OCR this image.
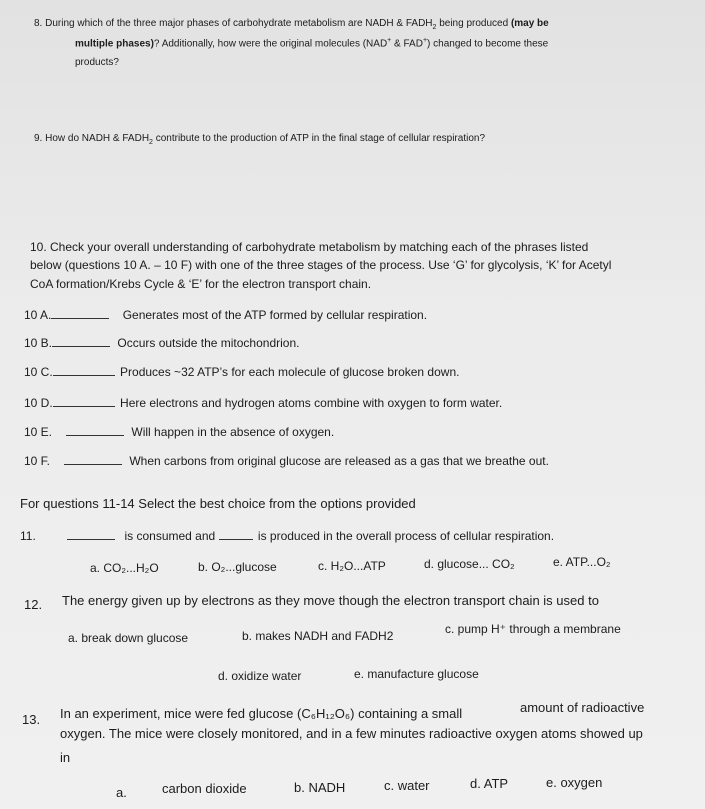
8. During which of the three major phases of carbohydrate metabolism are NADH & $FADH_2$ being produced (may be
multiple phases)? Additionally, how were the original molecules (NAD+ & FAD+) changed to become these
products?
9. How do NADH & $FADH_2$ contribute to the production of ATP in the final stage of cellular respiration?
10. Check your overall understanding of carbohydrate metabolism by matching each of the phrases listed
below (questions 10 A. – 10 F) with one of the three stages of the process. Use ‘G’ for glycolysis, ‘K’ for Acetyl
CoA formation/Krebs Cycle & ‘E’ for the electron transport chain.
10 A.	Generates most of the ATP formed by cellular respiration.
10 B.	Occurs outside the mitochondrion.
10 C.	Produces ~32 ATP’s for each molecule of glucose broken down.
10 D.	Here electrons and hydrogen atoms combine with oxygen to form water.
10 E.	Will happen in the absence of oxygen.
10 F.	When carbons from original glucose are released as a gas that we breathe out.
For questions 11-14 Select the best choice from the options provided
11.	is consumed and	is produced in the overall process of cellular respiration.
a. CO₂...H₂O	b. O₂...glucose	c. H₂O...ATP	d. glucose... CO₂	e. ATP...O₂
12. The energy given up by electrons as they move though the electron transport chain is used to
a. break down glucose	b. makes NADH and FADH2	c. pump H⁺ through a membrane
d. oxidize water	e. manufacture glucose
13. In an experiment, mice were fed glucose (C₆H₁₂O₆) containing a small	amount of radioactive
oxygen. The mice were closely monitored, and in a few minutes radioactive oxygen atoms showed up
in
a.	carbon dioxide	b. NADH	c. water	d. ATP	e. oxygen
